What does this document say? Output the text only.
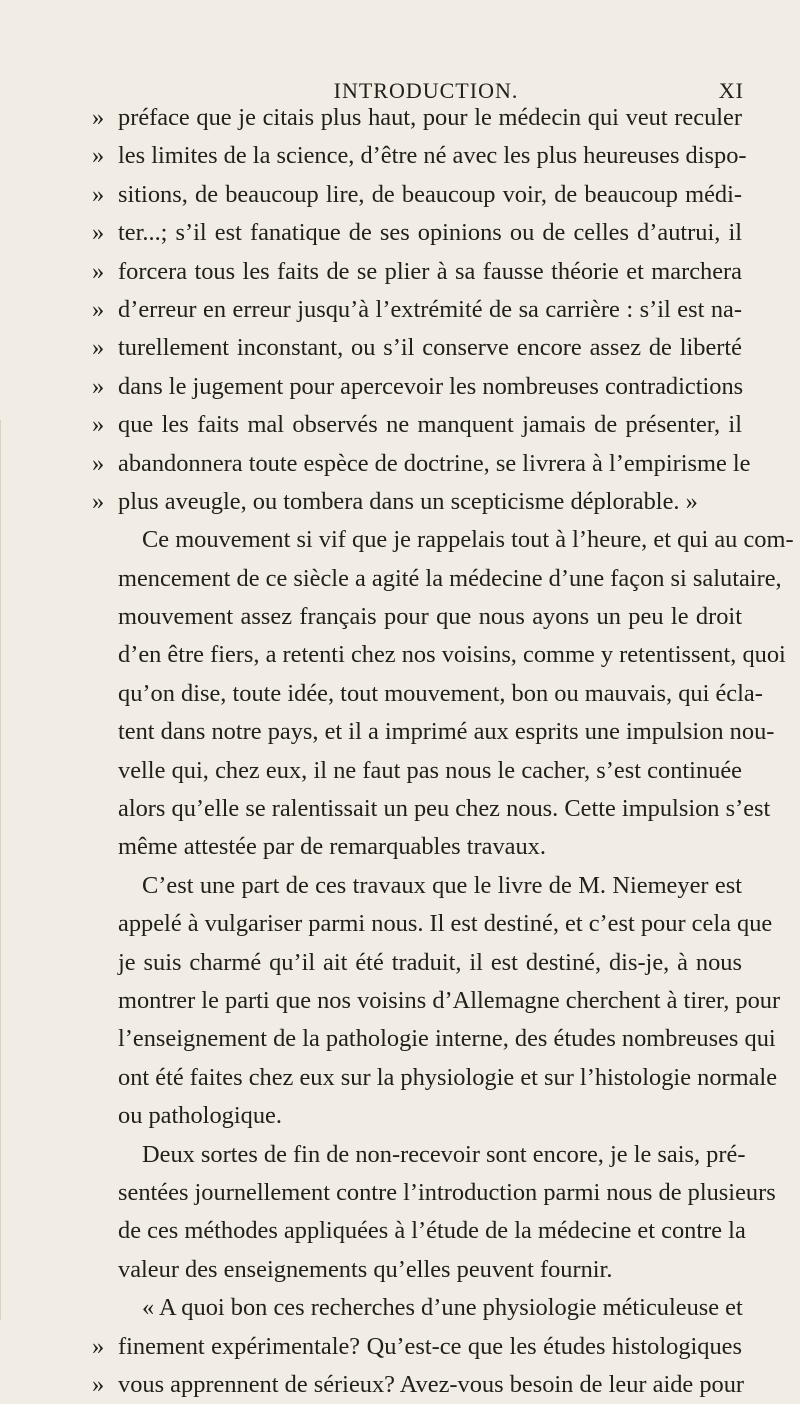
INTRODUCTION.	XI
» préface que je citais plus haut, pour le médecin qui veut reculer
» les limites de la science, d’être né avec les plus heureuses dispo-
» sitions, de beaucoup lire, de beaucoup voir, de beaucoup médi-
» ter...; s’il est fanatique de ses opinions ou de celles d’autrui, il
» forcera tous les faits de se plier à sa fausse théorie et marchera
» d’erreur en erreur jusqu’à l’extrémité de sa carrière : s’il est na-
» turellement inconstant, ou s’il conserve encore assez de liberté
» dans le jugement pour apercevoir les nombreuses contradictions
» que les faits mal observés ne manquent jamais de présenter, il
» abandonnera toute espèce de doctrine, se livrera à l’empirisme le
» plus aveugle, ou tombera dans un scepticisme déplorable. »
Ce mouvement si vif que je rappelais tout à l’heure, et qui au com-
mencement de ce siècle a agité la médecine d’une façon si salutaire,
mouvement assez français pour que nous ayons un peu le droit
d’en être fiers, a retenti chez nos voisins, comme y retentissent, quoi
qu’on dise, toute idée, tout mouvement, bon ou mauvais, qui écla-
tent dans notre pays, et il a imprimé aux esprits une impulsion nou-
velle qui, chez eux, il ne faut pas nous le cacher, s’est continuée
alors qu’elle se ralentissait un peu chez nous. Cette impulsion s’est
même attestée par de remarquables travaux.
C’est une part de ces travaux que le livre de M. Niemeyer est
appelé à vulgariser parmi nous. Il est destiné, et c’est pour cela que
je suis charmé qu’il ait été traduit, il est destiné, dis-je, à nous
montrer le parti que nos voisins d’Allemagne cherchent à tirer, pour
l’enseignement de la pathologie interne, des études nombreuses qui
ont été faites chez eux sur la physiologie et sur l’histologie normale
ou pathologique.
Deux sortes de fin de non-recevoir sont encore, je le sais, pré-
sentées journellement contre l’introduction parmi nous de plusieurs
de ces méthodes appliquées à l’étude de la médecine et contre la
valeur des enseignements qu’elles peuvent fournir.
« A quoi bon ces recherches d’une physiologie méticuleuse et
» finement expérimentale? Qu’est-ce que les études histologiques
» vous apprennent de sérieux? Avez-vous besoin de leur aide pour
